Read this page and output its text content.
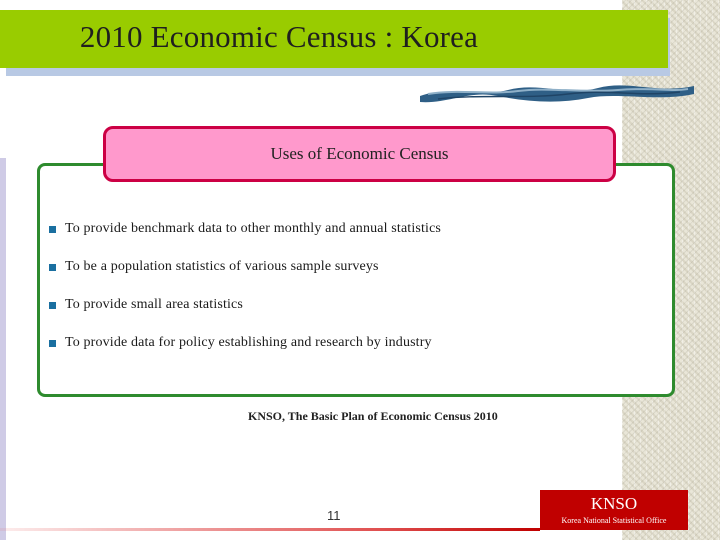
2010 Economic Census : Korea
Uses of Economic Census
To provide benchmark data to other monthly and annual statistics
To be a population statistics of various sample surveys
To provide small area statistics
To provide data for policy establishing and research by industry
KNSO, The Basic Plan of Economic Census 2010
11
KNSO
Korea National Statistical Office
